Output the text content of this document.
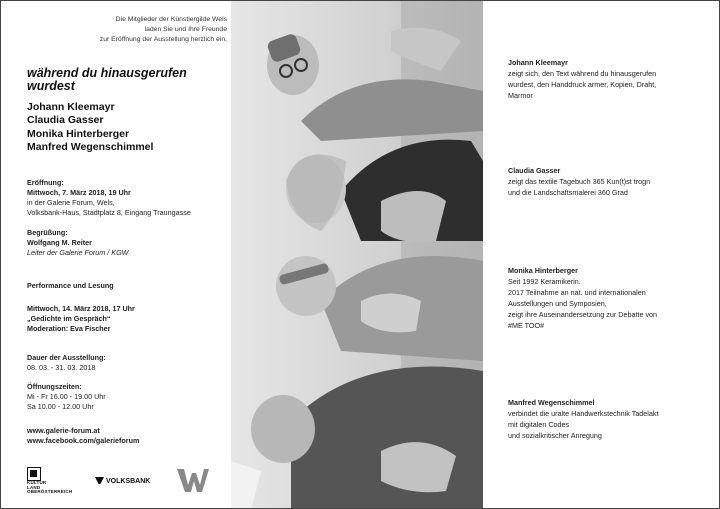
Die Mitglieder der Künstlergilde Wels
laden Sie und Ihre Freunde
zur Eröffnung der Ausstellung herzlich ein.
während du hinausgerufen
wurdest
Johann Kleemayr
Claudia Gasser
Monika Hinterberger
Manfred Wegenschimmel
Eröffnung:
Mittwoch, 7. März 2018, 19 Uhr
in der Galerie Forum, Wels,
Volksbank-Haus, Stadtplatz 8, Eingang Traungasse
Begrüßung:
Wolfgang M. Reiter
Leiter der Galerie Forum / KGW
Performance und Lesung
Mittwoch, 14. März 2018, 17 Uhr
„Gedichte im Gespräch“
Moderation: Eva Fischer
Dauer der Ausstellung:
08. 03. - 31. 03. 2018
Öffnungszeiten:
Mi - Fr 16.00 - 19.00 Uhr
Sa 10.00 - 12.00 Uhr
www.galerie-forum.at
www.facebook.com/galerieforum
KULTUR
LAND
OBERÖSTERREICH
VOLKSBANK
Johann Kleemayr
zeigt sich, den Text während du hinausgerufen
wurdest, den Handdruck armer, Kopien, Draht,
Marmor
Claudia Gasser
zeigt das textile Tagebuch 365 Kun(t)st trogn
und die Landschaftsmalerei 360 Grad
Monika Hinterberger
Seit 1992 Keramikerin.
2017 Teilnahme an nat. und internationalen
Ausstellungen und Symposien,
zeigt ihre Auseinandersetzung zur Debatte von
#ME TOO#
Manfred Wegenschimmel
verbindet die uralte Handwerkstechnik Tadelakt
mit digitalen Codes
und sozialkritischer Anregung
